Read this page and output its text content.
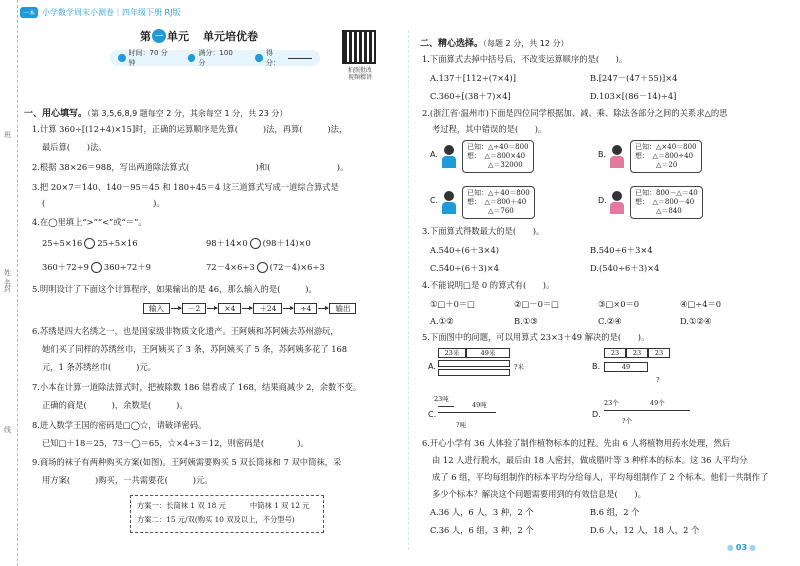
班
姓名
封
线
一本 小学数学周末小测卷｜四年级下册 RJ版
第 一 单元 单元培优卷
时间：70 分钟
满分：100 分
得分：
拍照批改
视频精讲
一、用心填写。（第 3,5,6,8,9 题每空 2 分，其余每空 1 分，共 23 分）
1.计算 360÷[(12+4)×15]时，正确的运算顺序是先算(　　　)法，再算(　　　)法，
最后算(　　)法。
2.根据 38×26＝988，写出两道除法算式(　　　　　　　　)和(　　　　　　　　)。
3.把 20×7＝140、140－95＝45 和 180÷45＝4 这三道算式写成一道综合算式是
(　　　　　　　　　　　　　)。
4.在◯里填上“>”“<”或“＝”。
25÷5×16 25÷5×16	98＋14×0 (98＋14)×0
360＋72÷9 360÷72＋9	72－4×6÷3 (72－4)×6÷3
5.明明设计了下面这个计算程序，如果输出的是 46，那么输入的是(　　　)。
输入	－2	×4	＋24	÷4	输出
6.苏绣是四大名绣之一，也是国家级非物质文化遗产。王阿姨和苏阿姨去苏州游玩，
她们买了同样的苏绣丝巾，王阿姨买了 3 条，苏阿姨买了 5 条，苏阿姨多花了 168
元，1 条苏绣丝巾(　　　)元。
7.小本在计算一道除法算式时，把被除数 186 错看成了 168，结果商减少 2，余数不变。
正确的商是(　　　)，余数是(　　　)。
8.进入数学王国的密码是□◯☆，请破译密码。
已知□＋18＝25，73－◯＝65，☆×4÷3＝12，则密码是(　　　　)。
9.商场的袜子有两种购买方案(如图)。王阿姨需要购买 5 双长筒袜和 7 双中筒袜，采
用方案(　　　)购买，一共需要花(　　　)元。
方案一：长筒袜 1 双 18 元	中筒袜 1 双 12 元
方案二：15 元/双(购买 10 双及以上，不分型号)
二、精心选择。（每题 2 分，共 12 分）
1.下面算式去掉中括号后，不改变运算顺序的是(　　)。
A.137＋[112÷(7×4)]	B.[247－(47＋55)]×4
C.360÷[(38＋7)×4]	D.103×[(86－14)÷4]
2.(浙江省·温州市)下面是四位同学根据加、减、乘、除法各部分之间的关系求△的思
考过程，其中错误的是(　　)。
A.
已知：△÷40＝800
想：　△＝800×40
　　　△＝32000
B.
已知：△×40＝800
想：　△＝800÷40
　　　△＝20
C.
已知：△＋40＝800
想：　△＝800＋40
　　　△＝760
D.
已知：800－△＝40
想：　△＝800－40
　　　△＝840
3.下面算式得数最大的是(　　)。
A.540÷(6＋3×4)	B.540÷6＋3×4
C.540÷(6＋3)×4	D.(540÷6＋3)×4
4.不能说明□是 0 的算式有(　　)。
①□＋0＝□	②□－0＝□	③□×0＝0	④□÷4＝0
A.①②	B.①③	C.②④	D.①②④
5.下面图中的问题，可以用算式 23×3＋49 解决的是(　　)。
A.
23米	49米
?米	B.
23	23	23
49
?
C.
23吨
49吨
?吨
D.
23个	49个
?个
6.开心小学有 36 人体验了制作植物标本的过程。先由 6 人将植物用药水处理，然后
由 12 人进行脱水，最后由 18 人密封，做成腊叶等 3 种样本的标本。这 36 人平均分
成了 6 组，平均每组制作的标本平均分给每人，平均每组制作了 2 个标本。他们一共制作了
多少个标本？解决这个问题需要用到的有效信息是(　　)。
A.36 人，6 人，3 种，2 个	B.6 组，2 个
C.36 人，6 组，3 种，2 个	D.6 人，12 人，18 人，2 个
● 03 ●
